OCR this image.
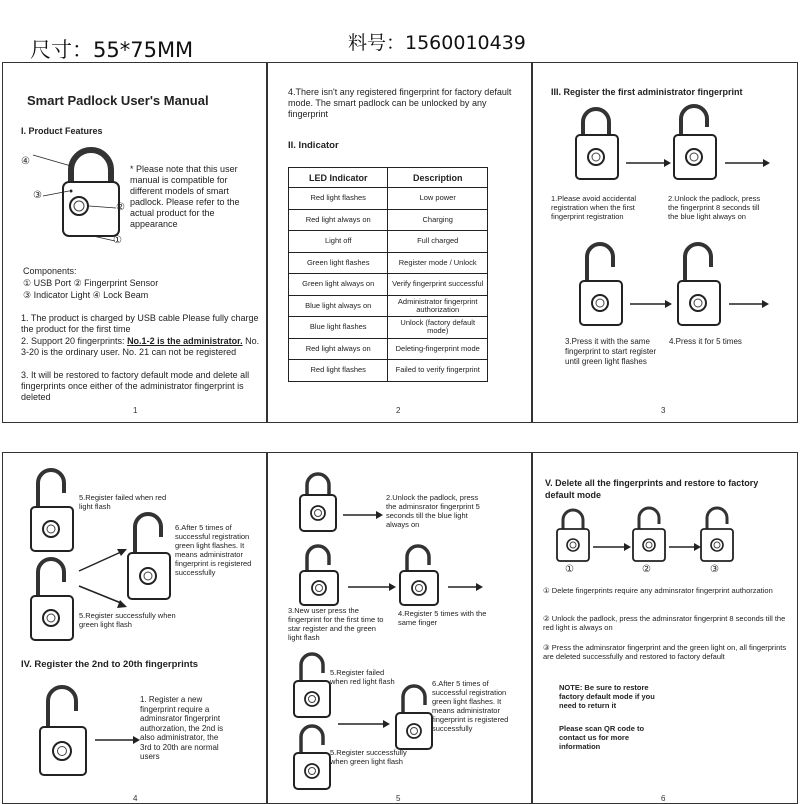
尺寸：55*75MM	料号：1560010439
Smart Padlock User's Manual
I. Product Features
④
③
②
①
* Please note that this user manual is compatible for different models of smart padlock. Please refer to the actual product for the appearance
Components:
① USB Port ② Fingerprint Sensor
③ Indicator Light ④ Lock Beam
1. The product is charged by USB cable Please fully charge the product for the first time
2. Support 20 fingerprints: No.1-2 is the administrator. No. 3-20 is the ordinary user. No. 21 can not be registered
3. It will be restored to factory default mode and delete all fingerprints once either of the administrator fingerprint is deleted
1
4.There isn't any registered fingerprint for factory default mode. The smart padlock can be unlocked by any fingerprint
II. Indicator
LED Indicator	Description
Red light flashes	Low power
Red light always on	Charging
Light off	Full charged
Green light flashes	Register mode / Unlock
Green light always on	Verify fingerprint successful
Blue light always on	Administrator fingerprint authorization
Blue light flashes	Unlock (factory default mode)
Red light always on	Deleting-fingerprint mode
Red light flashes	Failed to verify fingerprint
2
III. Register the first administrator fingerprint
1.Please avoid accidental registration when the first fingerprint registration
2.Unlock the padlock, press the fingerprint 8 seconds till the blue light always on
3.Press it with the same fingerprint to start register until green light flashes
4.Press it for 5 times
3
5.Register failed when red light flash
6.After 5 times of successful registration green light flashes. It means administrator fingerprint is registered successfully
5.Register successfully when green light flash
IV. Register the 2nd to 20th fingerprints
1. Register a new fingerprint require a adminsrator fingerprint authorzation, the 2nd is also administrator, the 3rd to 20th are normal users
4
2.Unlock the padlock, press the adminsrator fingerprint 5 seconds till the blue light always on
3.New user press the fingerprint for the first time to star register and the green light flash
4.Register 5 times with the same finger
5.Register failed when red light flash	6.After 5 times of successful registration green light flashes. It means administrator fingerprint is registered successfully
5.Register successfully when green light flash
5
V. Delete all the fingerprints and restore to factory default mode
①	②	③
① Delete fingerprints require any adminsrator fingerprint authorzation
② Unlock the padlock, press the adminsrator fingerprint 8 seconds till the red light is always on
③ Press the adminsrator fingerprint and the green light on, all fingerprints are deleted successfully and restored to factory default
NOTE: Be sure to restore factory default mode if you need to return it
Please scan QR code to contact us for more information
6
